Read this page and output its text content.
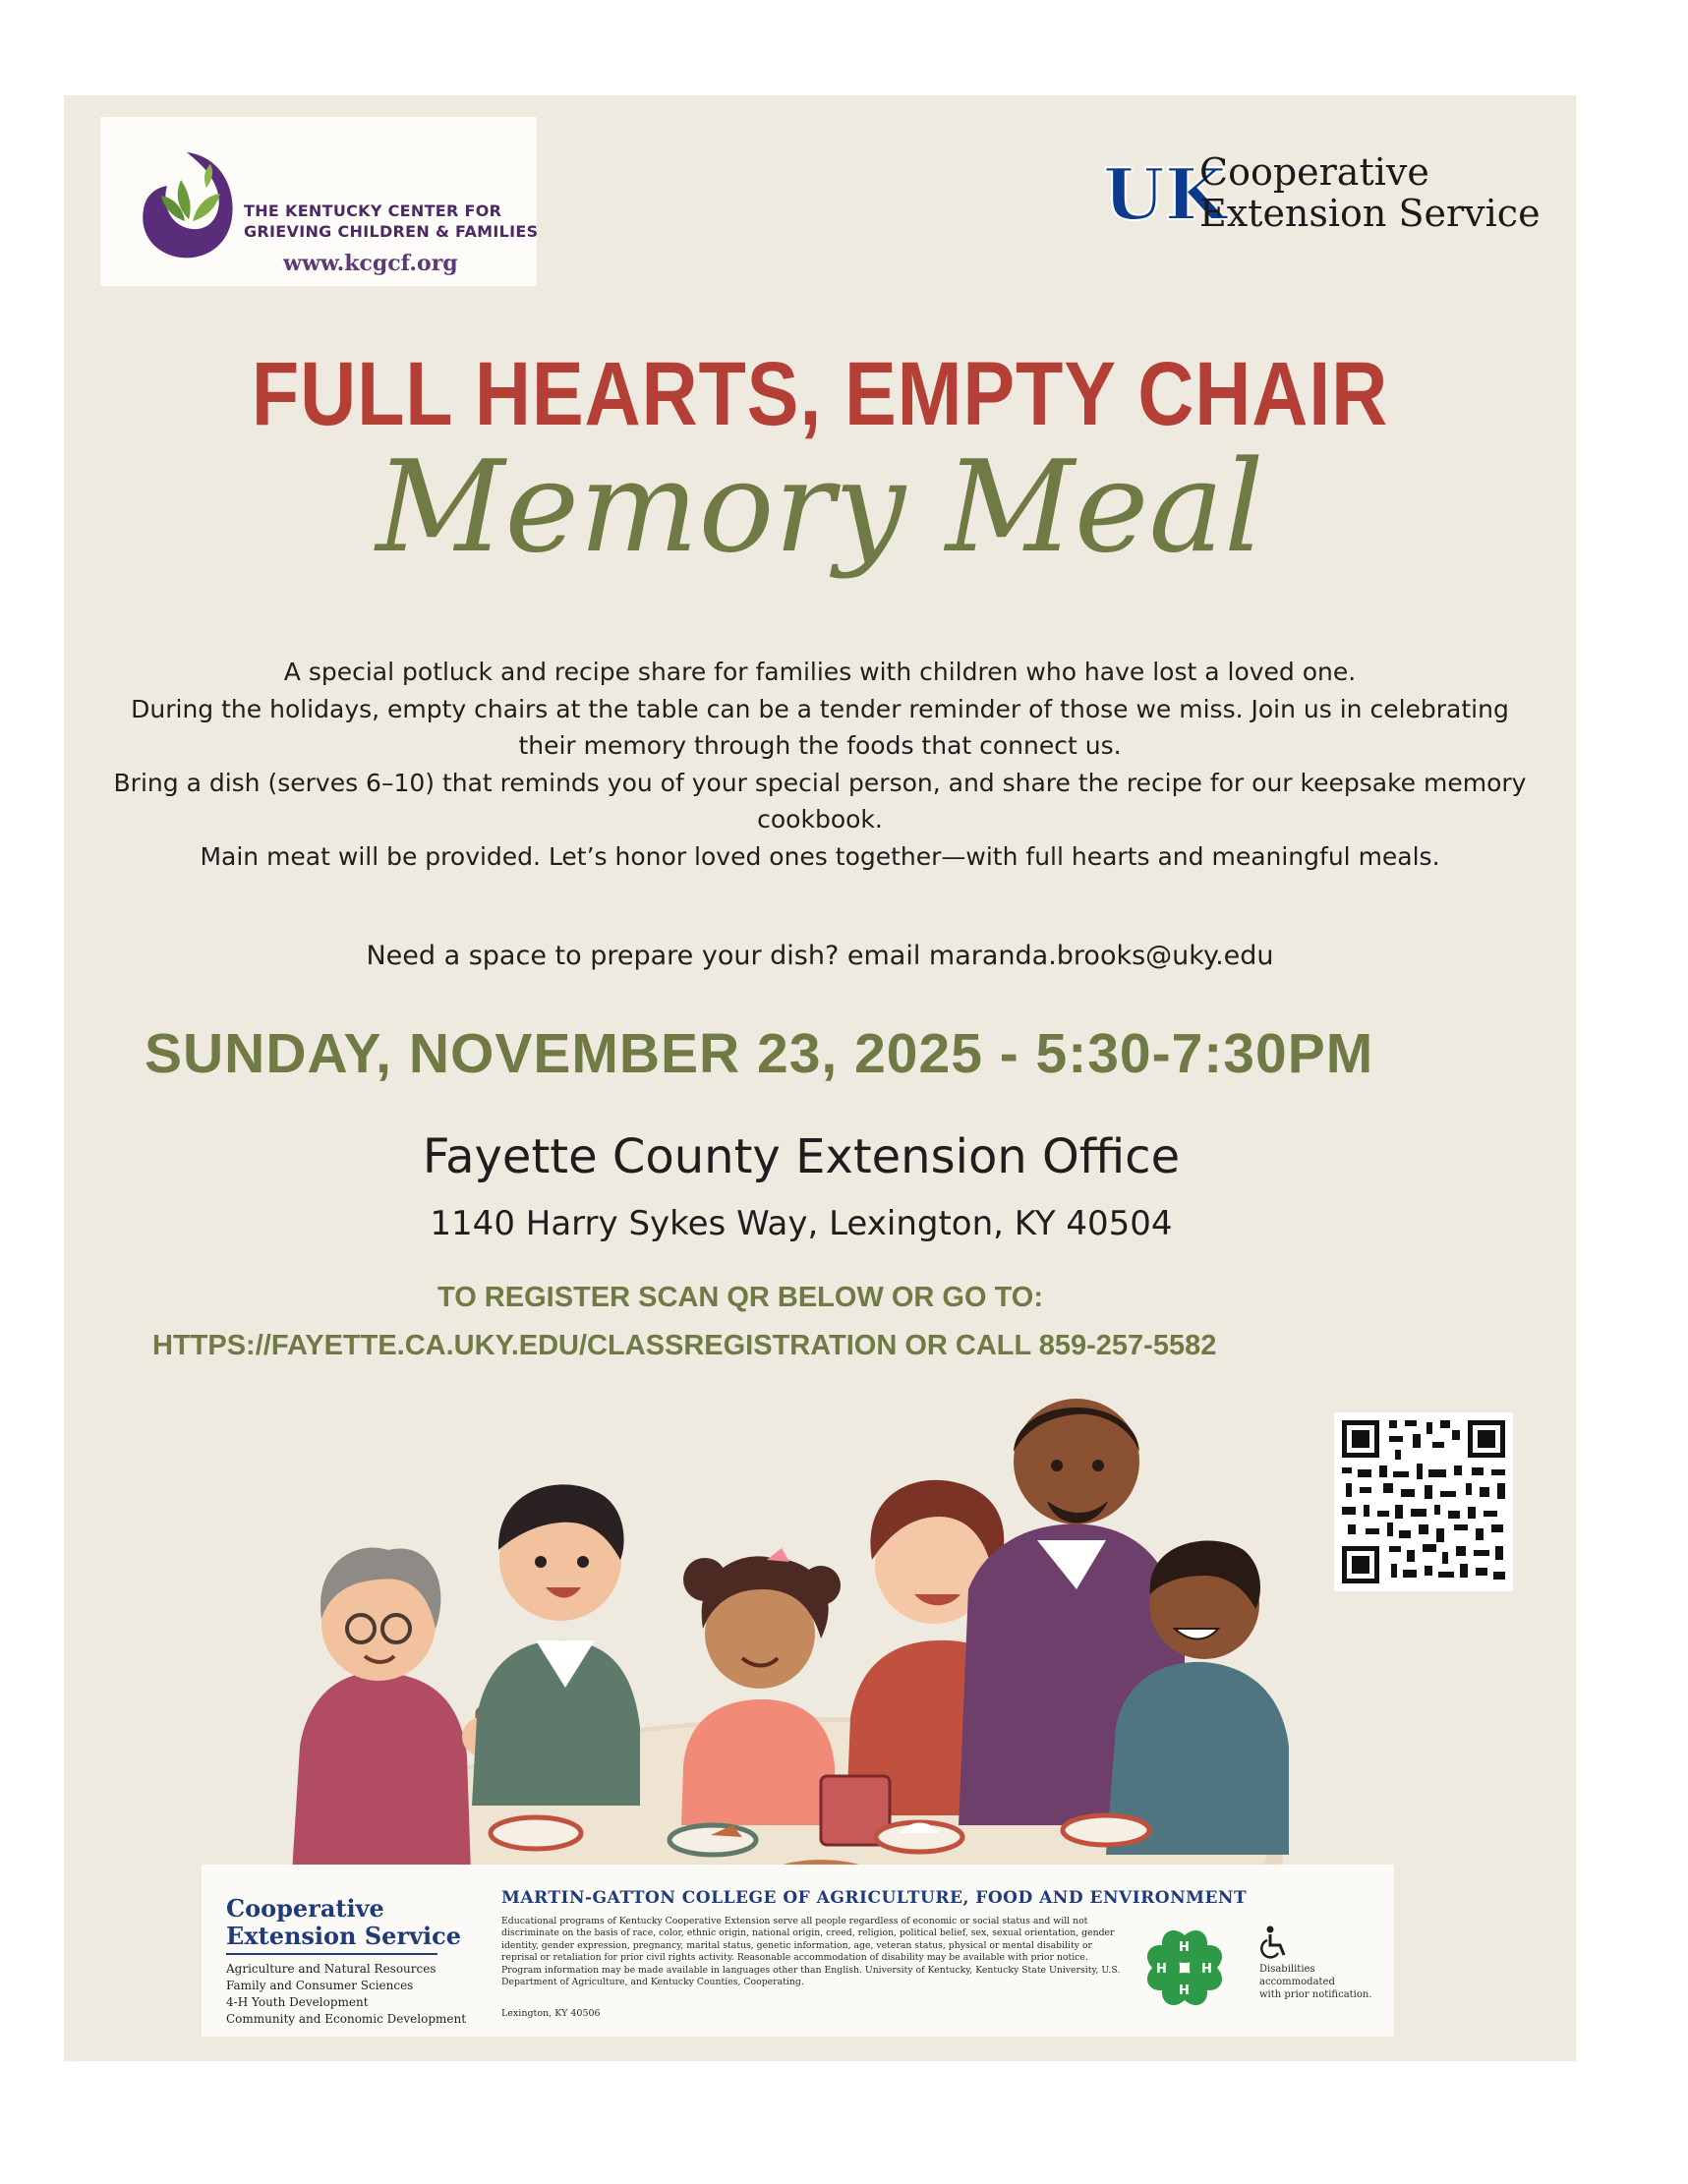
THE KENTUCKY CENTER FOR
GRIEVING CHILDREN & FAMILIES
www.kcgcf.org
UK
Cooperative
Extension Service
FULL HEARTS, EMPTY CHAIR
Memory Meal

A special potluck and recipe share for families with children who have lost a loved one.

During the holidays, empty chairs at the table can be a tender reminder of those we miss. Join us in celebrating their memory through the foods that connect us.

Bring a dish (serves 6–10) that reminds you of your special person, and share the recipe for our keepsake memory cookbook.

Main meat will be provided. Let’s honor loved ones together—with full hearts and meaningful meals.

Need a space to prepare your dish? email maranda.brooks@uky.edu
SUNDAY, NOVEMBER 23, 2025 - 5:30-7:30PM
Fayette County Extension Office
1140 Harry Sykes Way, Lexington, KY 40504
TO REGISTER SCAN QR BELOW OR GO TO:
HTTPS://FAYETTE.CA.UKY.EDU/CLASSREGISTRATION OR CALL 859-257-5582
Cooperative
Extension Service
Agriculture and Natural Resources
Family and Consumer Sciences
4-H Youth Development
Community and Economic Development
MARTIN-GATTON COLLEGE OF AGRICULTURE, FOOD AND ENVIRONMENT
Educational programs of Kentucky Cooperative Extension serve all people regardless of economic or social status and will not discriminate on the basis of race, color, ethnic origin, national origin, creed, religion, political belief, sex, sexual orientation, gender identity, gender expression, pregnancy, marital status, genetic information, age, veteran status, physical or mental disability or reprisal or retaliation for prior civil rights activity. Reasonable accommodation of disability may be available with prior notice. Program information may be made available in languages other than English. University of Kentucky, Kentucky State University, U.S. Department of Agriculture, and Kentucky Counties, Cooperating.
Lexington, KY 40506
H
H
H	H	Disabilities
accommodated
with prior notification.
